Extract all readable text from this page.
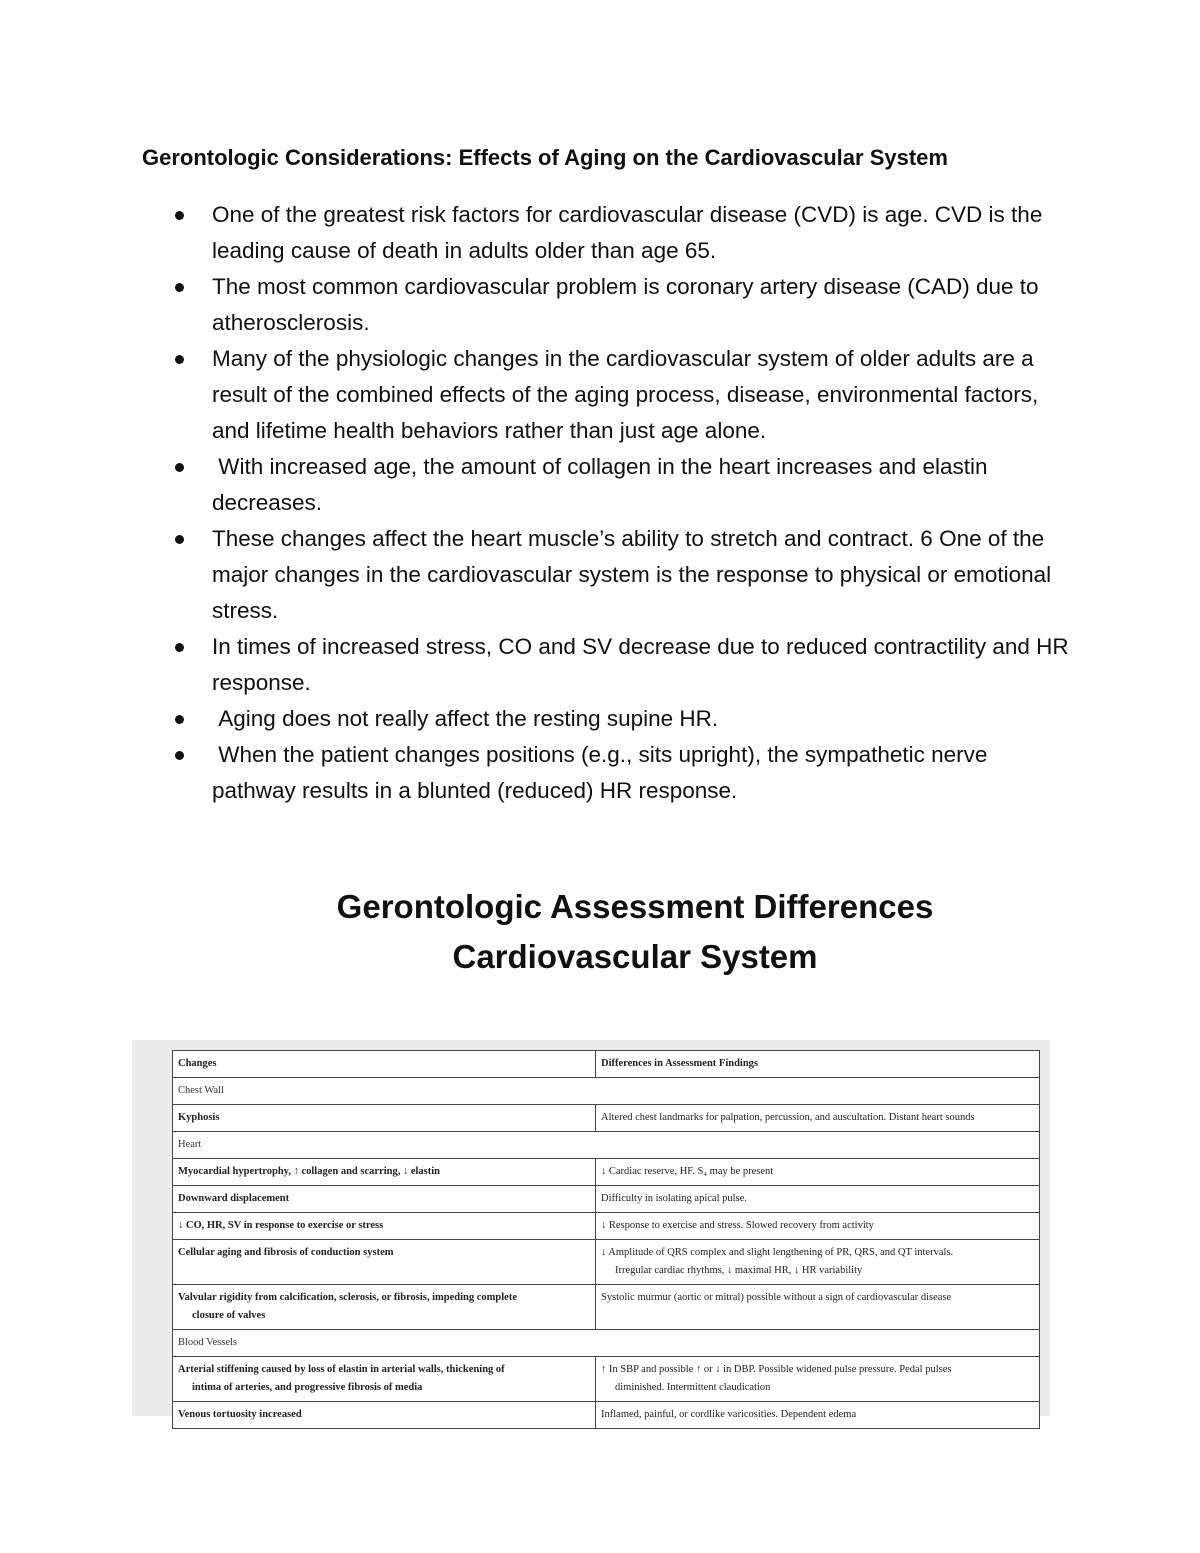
Gerontologic Considerations: Effects of Aging on the Cardiovascular System
One of the greatest risk factors for cardiovascular disease (CVD) is age. CVD is the leading cause of death in adults older than age 65.
The most common cardiovascular problem is coronary artery disease (CAD) due to atherosclerosis.
Many of the physiologic changes in the cardiovascular system of older adults are a result of the combined effects of the aging process, disease, environmental factors, and lifetime health behaviors rather than just age alone.
With increased age, the amount of collagen in the heart increases and elastin decreases.
These changes affect the heart muscle’s ability to stretch and contract. 6 One of the major changes in the cardiovascular system is the response to physical or emotional stress.
In times of increased stress, CO and SV decrease due to reduced contractility and HR response.
Aging does not really affect the resting supine HR.
When the patient changes positions (e.g., sits upright), the sympathetic nerve pathway results in a blunted (reduced) HR response.
Gerontologic Assessment Differences
Cardiovascular System
Changes	Differences in Assessment Findings
Chest Wall	
Kyphosis	Altered chest landmarks for palpation, percussion, and auscultation. Distant heart sounds
Heart	
Myocardial hypertrophy, ↑ collagen and scarring, ↓ elastin	↓ Cardiac reserve, HF. S₄ may be present
Downward displacement	Difficulty in isolating apical pulse.
↓ CO, HR, SV in response to exercise or stress	↓ Response to exercise and stress. Slowed recovery from activity
Cellular aging and fibrosis of conduction system	↓ Amplitude of QRS complex and slight lengthening of PR, QRS, and QT intervals.
Irregular cardiac rhythms, ↓ maximal HR, ↓ HR variability

Valvular rigidity from calcification, sclerosis, or fibrosis, impeding complete
closure of valves	Systolic murmur (aortic or mitral) possible without a sign of cardiovascular disease
Blood Vessels	
Arterial stiffening caused by loss of elastin in arterial walls, thickening of
intima of arteries, and progressive fibrosis of media	↑ In SBP and possible ↑ or ↓ in DBP. Possible widened pulse pressure. Pedal pulses
diminished. Intermittent claudication

Venous tortuosity increased	Inflamed, painful, or cordlike varicosities. Dependent edema
